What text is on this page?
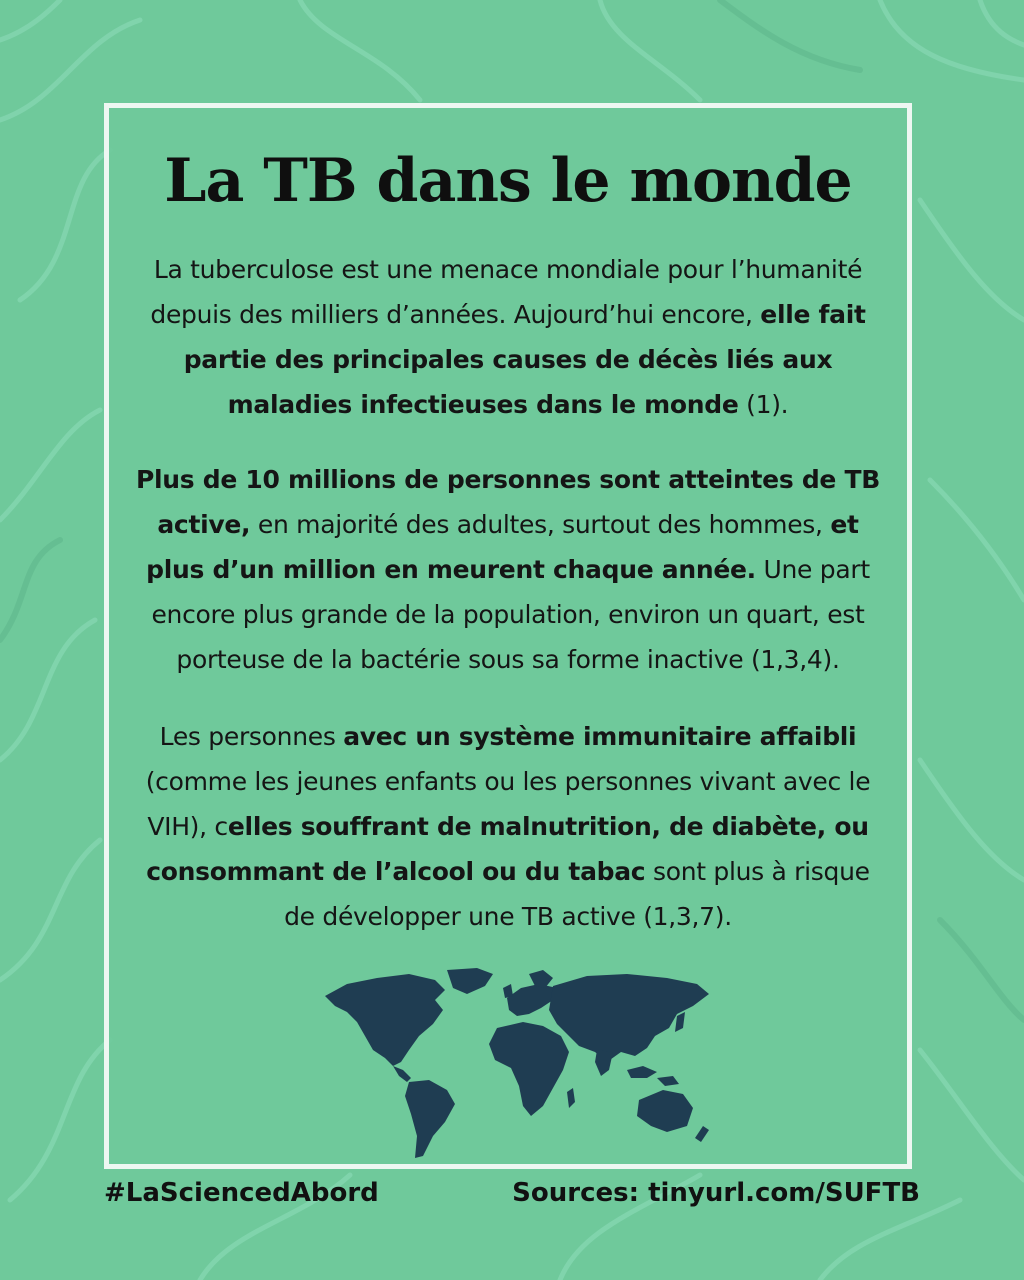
La TB dans le monde

La tuberculose est une menace mondiale pour l’humanité depuis des milliers d’années. Aujourd’hui encore, elle fait partie des principales causes de décès liés aux maladies infectieuses dans le monde (1).

Plus de 10 millions de personnes sont atteintes de TB active, en majorité des adultes, surtout des hommes, et plus d’un million en meurent chaque année. Une part encore plus grande de la population, environ un quart, est porteuse de la bactérie sous sa forme inactive (1,3,4).

Les personnes avec un système immunitaire affaibli (comme les jeunes enfants ou les personnes vivant avec le VIH), celles souffrant de malnutrition, de diabète, ou consommant de l’alcool ou du tabac sont plus à risque de développer une TB active (1,3,7).

#LaSciencedAbord	Sources: tinyurl.com/SUFTB
